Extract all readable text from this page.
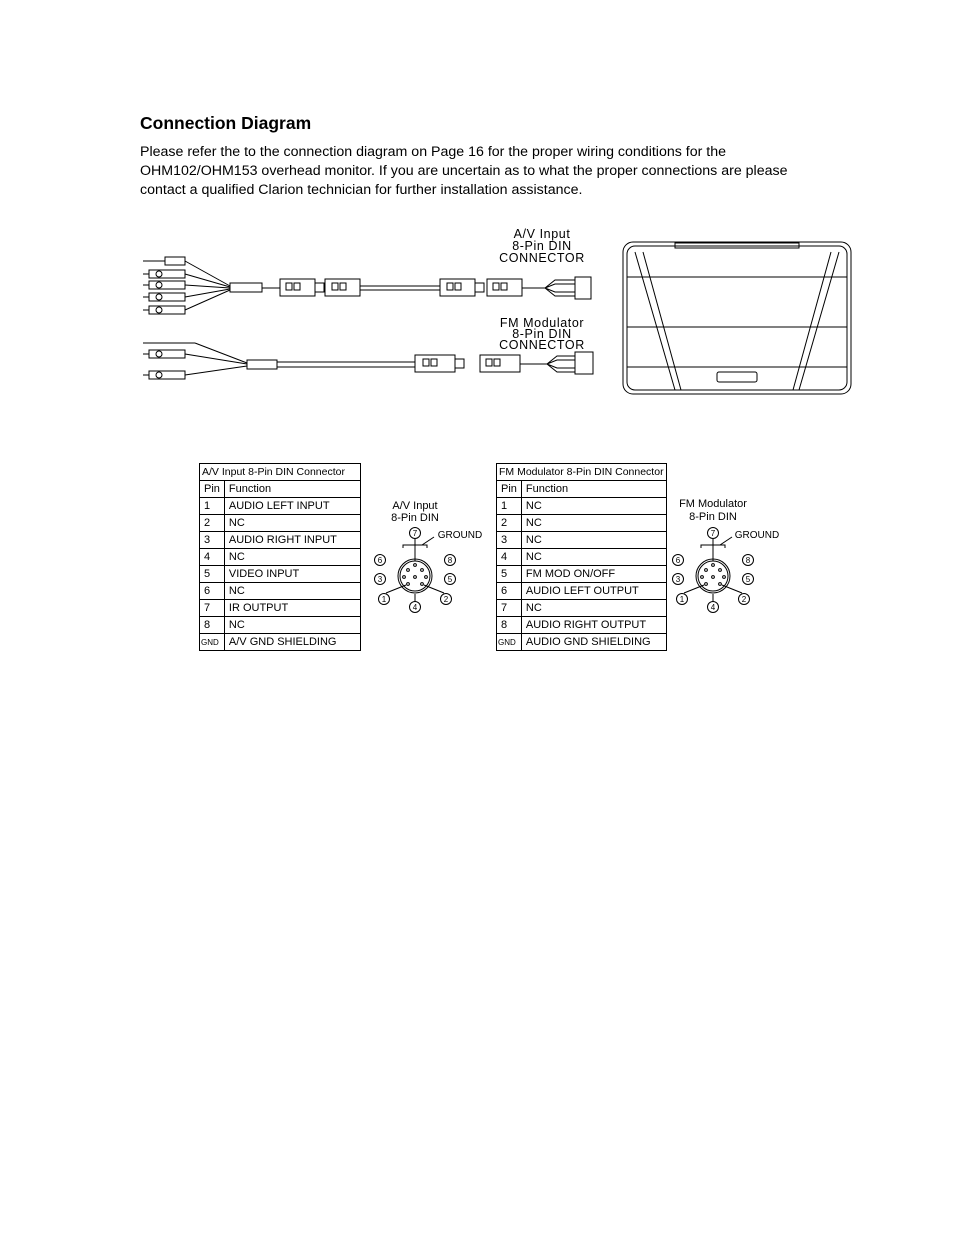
Connection Diagram

Please refer the to the connection diagram on Page 16 for the proper wiring conditions for the OHM102/OHM153 overhead monitor. If you are uncertain as to what the proper connections are please contact a qualified Clarion technician for further installation assistance.

A/V Input
8-Pin DIN
CONNECTOR
FM Modulator
8-Pin DIN
CONNECTOR
A/V Input 8-Pin DIN Connector	
Pin	Function
1	AUDIO LEFT INPUT
2	NC
3	AUDIO RIGHT INPUT
4	NC
5	VIDEO INPUT
6	NC
7	IR OUTPUT
8	NC
GND	A/V GND SHIELDING
A/V Input
8-Pin DIN
GROUND
1	2
3
4
5
6
7
8
FM Modulator 8-Pin DIN Connector	
Pin	Function
1	NC
2	NC
3	NC
4	NC
5	FM MOD ON/OFF
6	AUDIO LEFT OUTPUT
7	NC
8	AUDIO RIGHT OUTPUT
GND	AUDIO GND SHIELDING
FM Modulator
8-Pin DIN
GROUND
1	2
3
4
5
6
7
8
